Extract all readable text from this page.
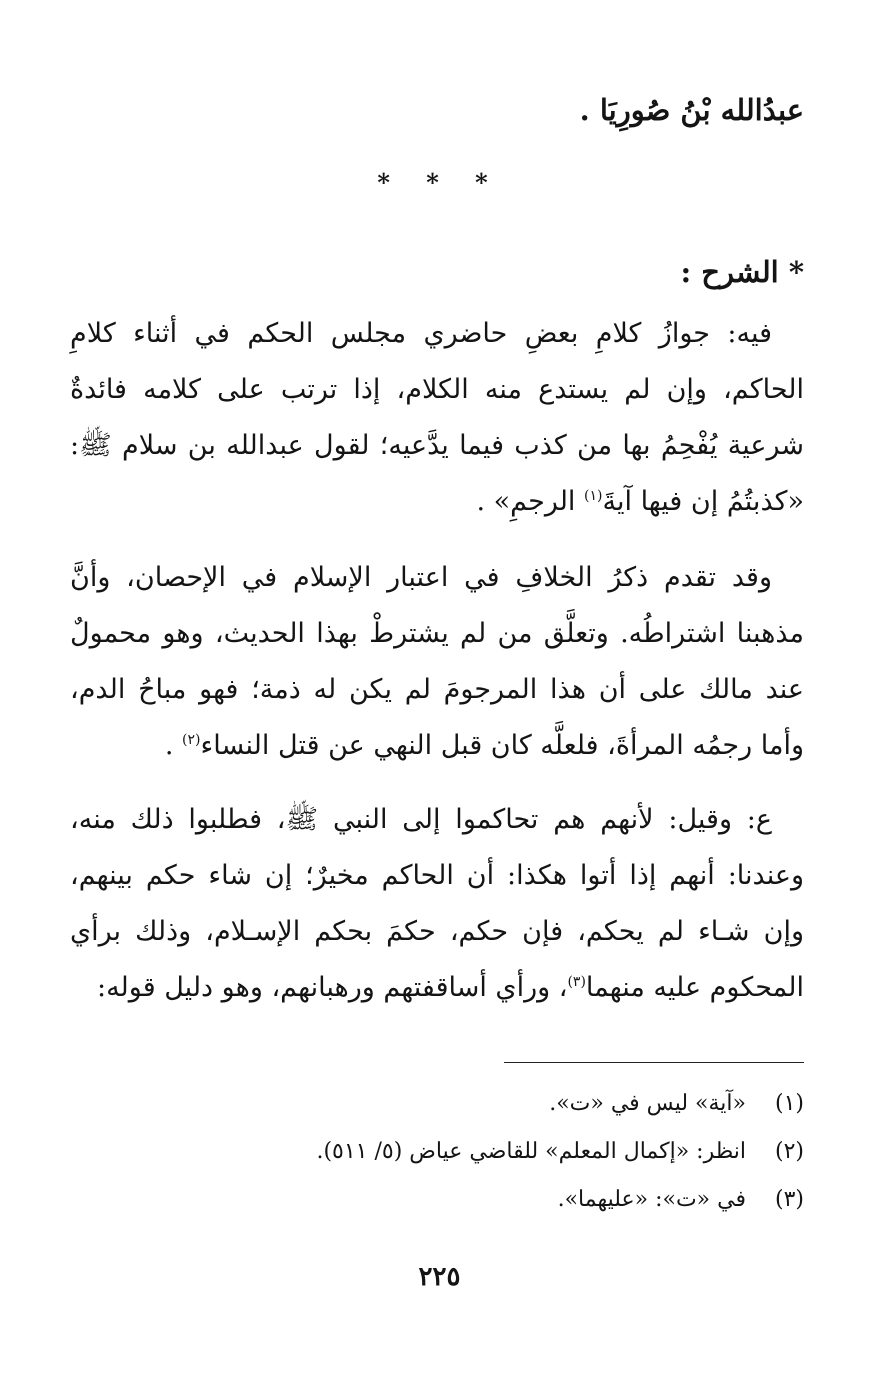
عبدُالله بْنُ صُورِيَا .
* * *
* الشرح :
فيه: جوازُ كلامِ بعضِ حاضري مجلس الحكم في أثناء كلامِ الحاكم، وإن لم يستدع منه الكلام، إذا ترتب على كلامه فائدةٌ شرعية يُفْحِمُ بها من كذب فيما يدَّعيه؛ لقول عبدالله بن سلام ﷺ: «كذبتُمُ إن فيها آيةَ$^{(١)}$ الرجمِ» .
وقد تقدم ذكرُ الخلافِ في اعتبار الإسلام في الإحصان، وأنَّ مذهبنا اشتراطُه. وتعلَّق من لم يشترطْ بهذا الحديث، وهو محمولٌ عند مالك على أن هذا المرجومَ لم يكن له ذمة؛ فهو مباحُ الدم، وأما رجمُه المرأةَ، فلعلَّه كان قبل النهي عن قتل النساء$^{(٢)}$ .
ع: وقيل: لأنهم هم تحاكموا إلى النبي ﷺ، فطلبوا ذلك منه، وعندنا: أنهم إذا أتوا هكذا: أن الحاكم مخيرٌ؛ إن شاء حكم بينهم، وإن شـاء لم يحكم، فإن حكم، حكمَ بحكم الإسـلام، وذلك برأي المحكوم عليه منهما$^{(٣)}$، ورأي أساقفتهم ورهبانهم، وهو دليل قوله:
(١)«آية» ليس في «ت».
(٢)انظر: «إكمال المعلم» للقاضي عياض (٥/ ٥١١).
(٣)في «ت»: «عليهما».
٢٢٥
